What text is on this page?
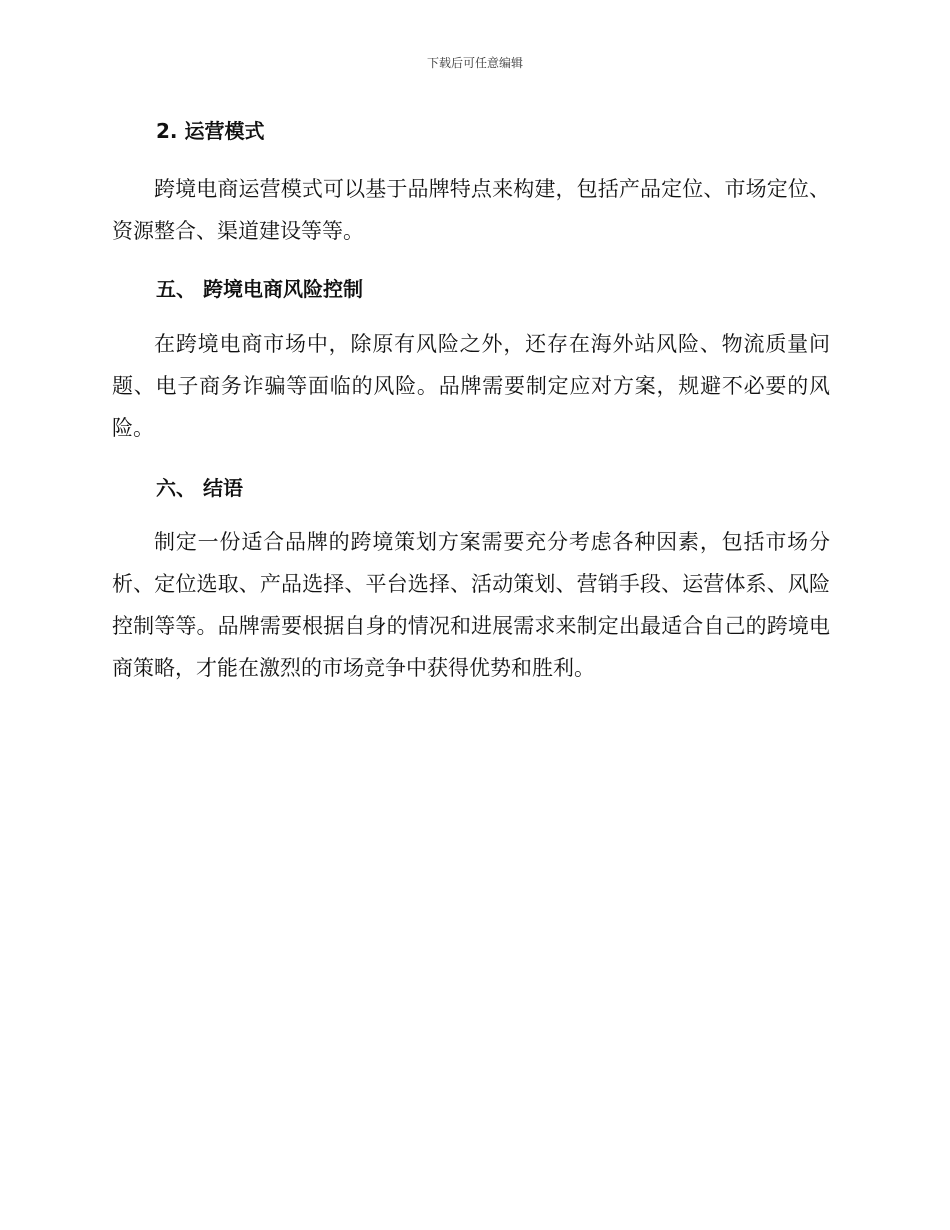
下载后可任意编辑
2. 运营模式

跨境电商运营模式可以基于品牌特点来构建，包括产品定位、市场定位、资源整合、渠道建设等等。

五、 跨境电商风险控制

在跨境电商市场中，除原有风险之外，还存在海外站风险、物流质量问题、电子商务诈骗等面临的风险。品牌需要制定应对方案，规避不必要的风险。

六、 结语

制定一份适合品牌的跨境策划方案需要充分考虑各种因素，包括市场分析、定位选取、产品选择、平台选择、活动策划、营销手段、运营体系、风险控制等等。品牌需要根据自身的情况和进展需求来制定出最适合自己的跨境电商策略，才能在激烈的市场竞争中获得优势和胜利。
